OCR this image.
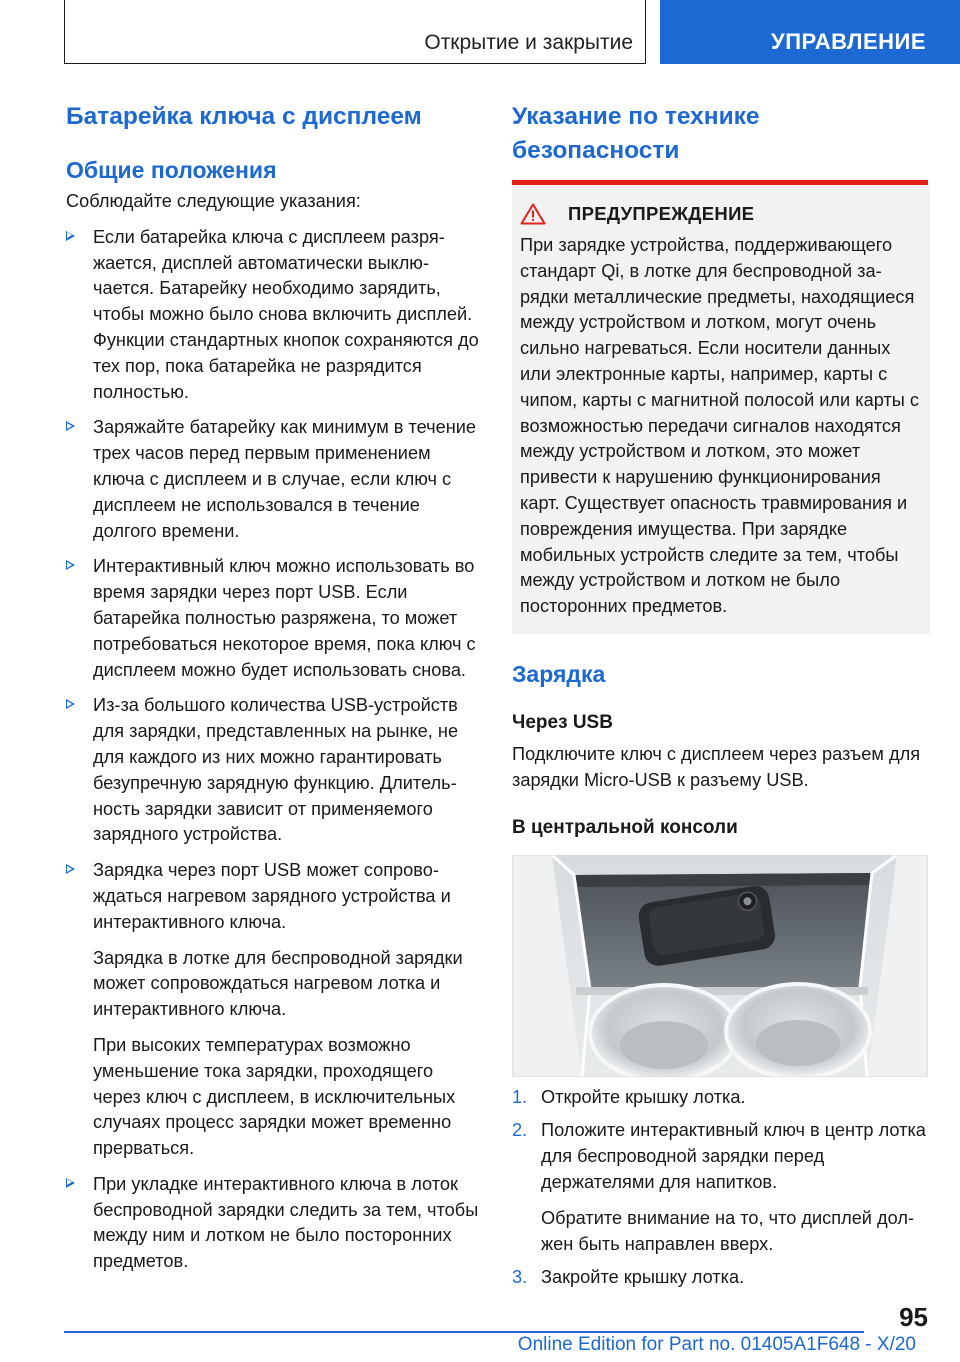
Открытие и закрытие	УПРАВЛЕНИЕ
Батарейка ключа с дисплеем
Общие положения

Соблюдайте следующие указания:

Если батарейка ключа с дисплеем разряжается, дисплей автоматически выключается. Батарейку необходимо зарядить, чтобы можно было снова включить дисплей. Функции стандартных кнопок сохраняются до тех пор, пока батарейка не разрядится полностью.

Заряжайте батарейку как минимум в течение трех часов перед первым применением ключа с дисплеем и в случае, если ключ с дисплеем не использовался в течение долгого времени.

Интерактивный ключ можно использовать во время зарядки через порт USB. Если батарейка полностью разряжена, то может потребоваться некоторое время, пока ключ с дисплеем можно будет использовать снова.

Из-за большого количества USB-устройств для зарядки, представленных на рынке, не для каждого из них можно гарантировать безупречную зарядную функцию. Длительность зарядки зависит от применяемого зарядного устройства.

Зарядка через порт USB может сопровождаться нагревом зарядного устройства и интерактивного ключа.

Зарядка в лотке для беспроводной зарядки может сопровождаться нагревом лотка и интерактивного ключа.

При высоких температурах возможно уменьшение тока зарядки, проходящего через ключ с дисплеем, в исключительных случаях процесс зарядки может временно прерваться.

При укладке интерактивного ключа в лоток беспроводной зарядки следить за тем, чтобы между ним и лотком не было посторонних предметов.

Указание по технике безопасности
ПРЕДУПРЕЖДЕНИЕ

При зарядке устройства, поддерживающего стандарт Qi, в лотке для беспроводной зарядки металлические предметы, находящиеся между устройством и лотком, могут очень сильно нагреваться. Если носители данных или электронные карты, например, карты с чипом, карты с магнитной полосой или карты с возможностью передачи сигналов находятся между устройством и лотком, это может привести к нарушению функционирования карт. Существует опасность травмирования и повреждения имущества. При зарядке мобильных устройств следите за тем, чтобы между устройством и лотком не было посторонних предметов.

Зарядка
Через USB

Подключите ключ с дисплеем через разъем для зарядки Micro-USB к разъему USB.

В центральной консоли
1. Откройте крышку лотка.

2. Положите интерактивный ключ в центр лотка для беспроводной зарядки перед держателями для напитков.

Обратите внимание на то, что дисплей должен быть направлен вверх.

3. Закройте крышку лотка.

95
Online Edition for Part no. 01405A1F648 - X/20
